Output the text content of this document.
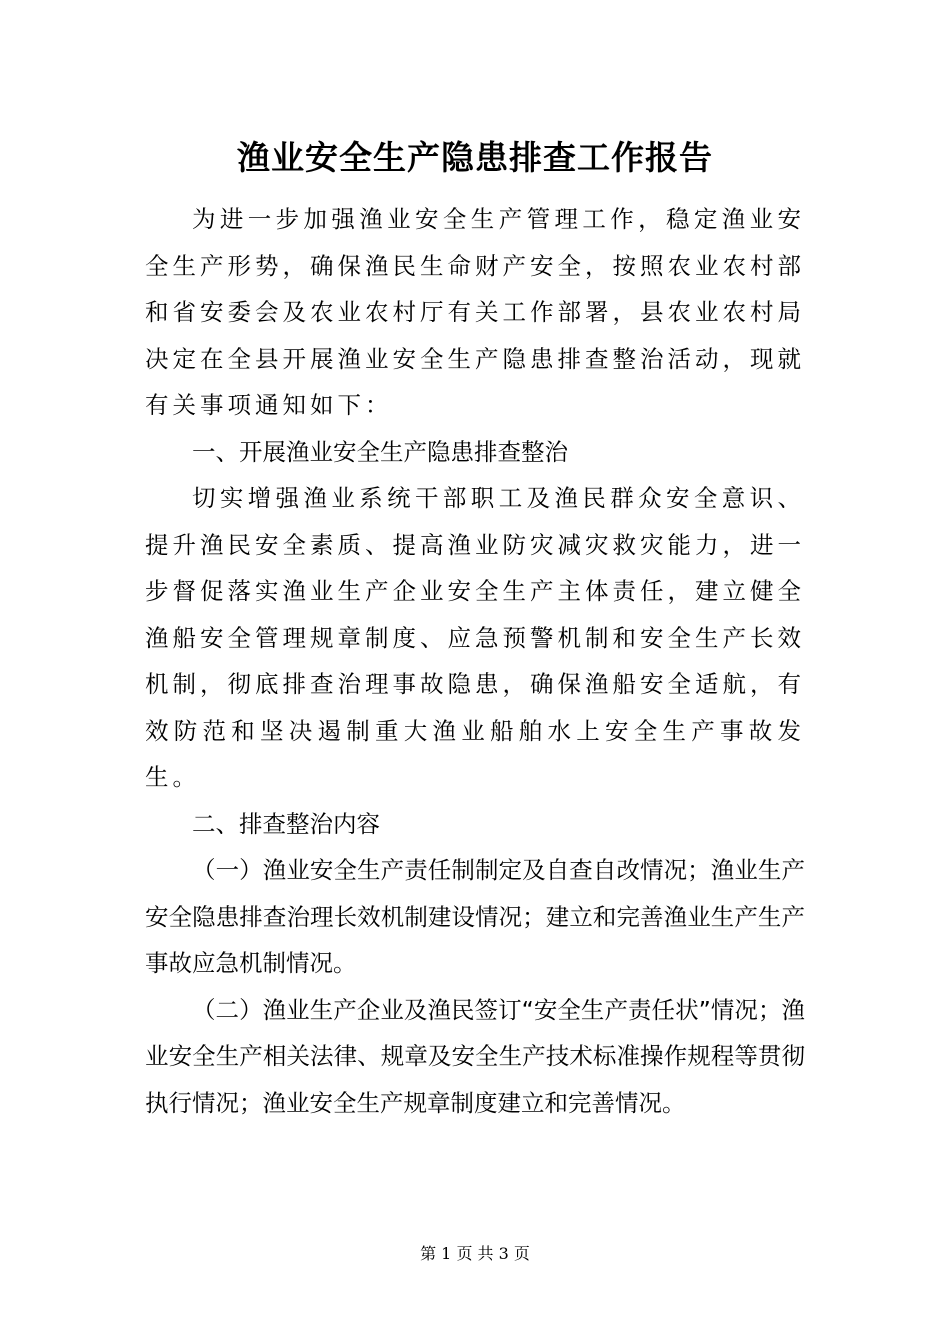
渔业安全生产隐患排查工作报告

为进一步加强渔业安全生产管理工作，稳定渔业安全生产形势，确保渔民生命财产安全，按照农业农村部和省安委会及农业农村厅有关工作部署，县农业农村局决定在全县开展渔业安全生产隐患排查整治活动，现就有关事项通知如下：

一、开展渔业安全生产隐患排查整治

切实增强渔业系统干部职工及渔民群众安全意识、提升渔民安全素质、提高渔业防灾减灾救灾能力，进一步督促落实渔业生产企业安全生产主体责任，建立健全渔船安全管理规章制度、应急预警机制和安全生产长效机制，彻底排查治理事故隐患，确保渔船安全适航，有效防范和坚决遏制重大渔业船舶水上安全生产事故发生。

二、排查整治内容

（一）渔业安全生产责任制制定及自查自改情况；渔业生产安全隐患排查治理长效机制建设情况；建立和完善渔业生产生产事故应急机制情况。

（二）渔业生产企业及渔民签订“安全生产责任状”情况；渔业安全生产相关法律、规章及安全生产技术标准操作规程等贯彻执行情况；渔业安全生产规章制度建立和完善情况。

第 1 页 共 3 页
